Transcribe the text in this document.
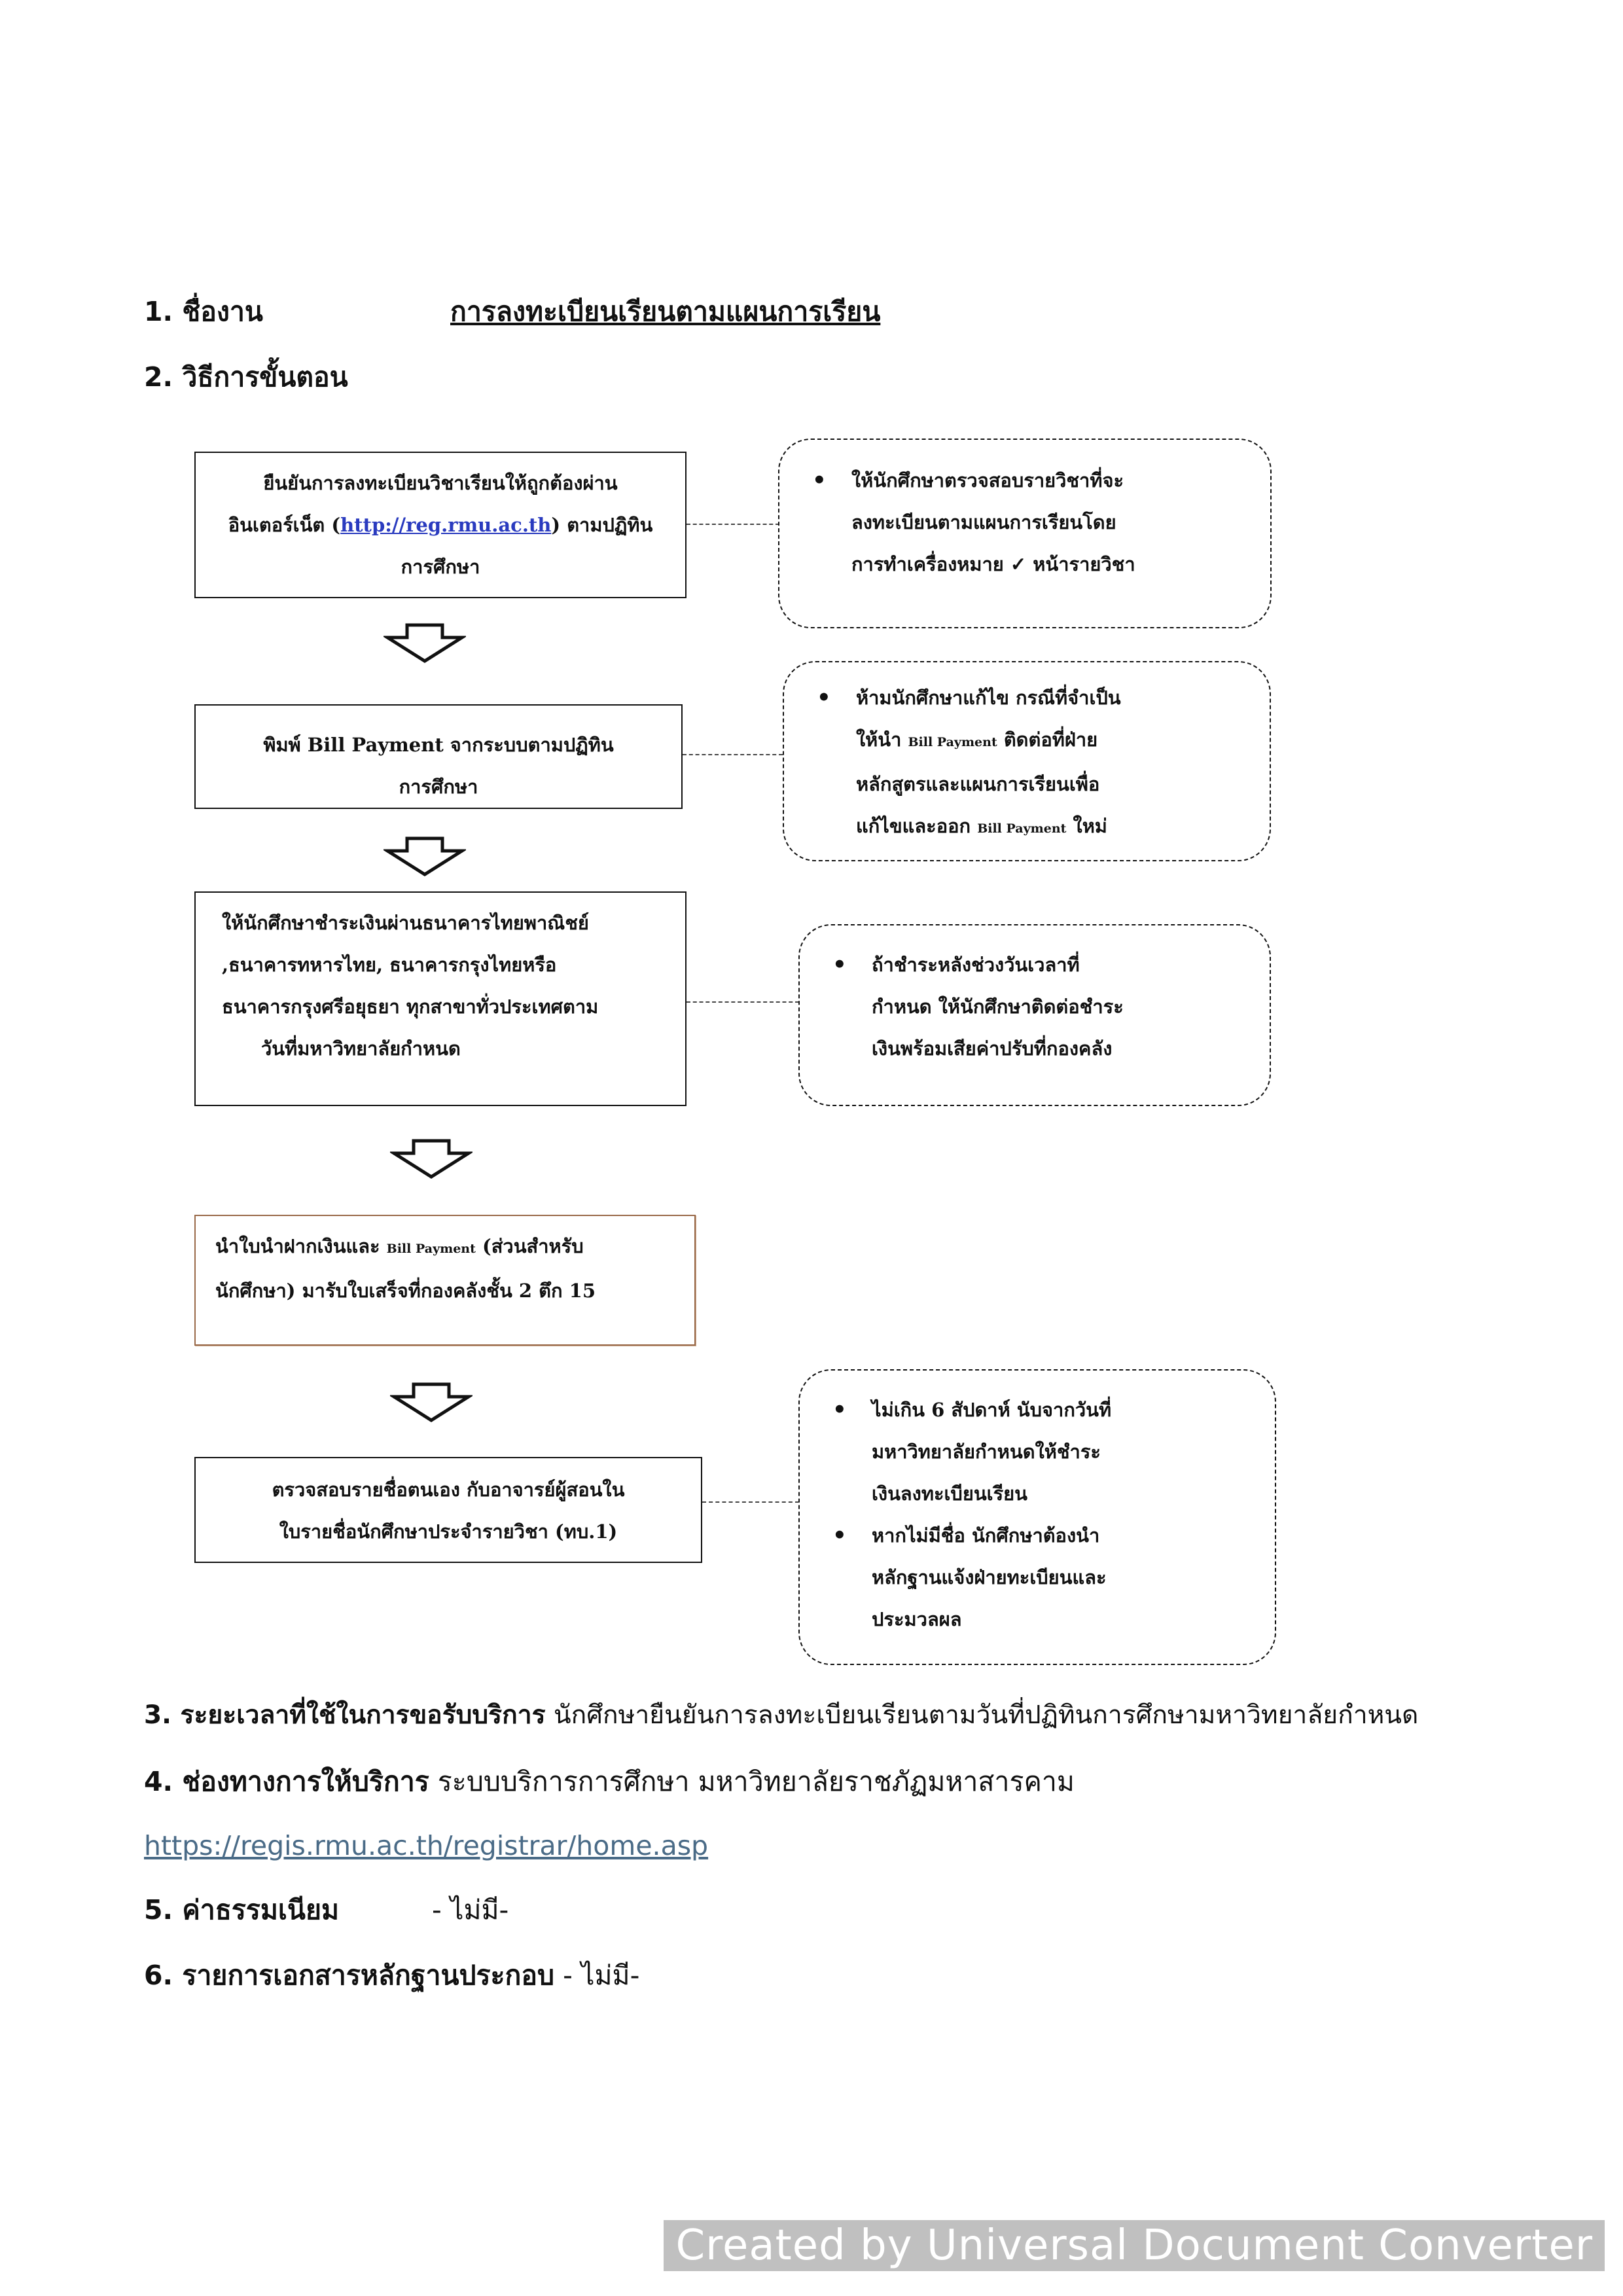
1. ชื่องาน	การลงทะเบียนเรียนตามแผนการเรียน
2. วิธีการขั้นตอน
ยืนยันการลงทะเบียนวิชาเรียนให้ถูกต้องผ่าน
อินเตอร์เน็ต (http://reg.rmu.ac.th) ตามปฏิทิน
การศึกษา
• ให้นักศึกษาตรวจสอบรายวิชาที่จะ
ลงทะเบียนตามแผนการเรียนโดย
การทำเครื่องหมาย ✓ หน้ารายวิชา
พิมพ์ Bill Payment จากระบบตามปฏิทิน
การศึกษา
• ห้ามนักศึกษาแก้ไข กรณีที่จำเป็น
ให้นำ Bill Payment ติดต่อที่ฝ่าย
หลักสูตรและแผนการเรียนเพื่อ
แก้ไขและออก Bill Payment ใหม่
ให้นักศึกษาชำระเงินผ่านธนาคารไทยพาณิชย์
,ธนาคารทหารไทย, ธนาคารกรุงไทยหรือ
ธนาคารกรุงศรีอยุธยา ทุกสาขาทั่วประเทศตาม
วันที่มหาวิทยาลัยกำหนด
• ถ้าชำระหลังช่วงวันเวลาที่
กำหนด ให้นักศึกษาติดต่อชำระ
เงินพร้อมเสียค่าปรับที่กองคลัง
นำใบนำฝากเงินและ Bill Payment (ส่วนสำหรับ
นักศึกษา) มารับใบเสร็จที่กองคลังชั้น 2 ตึก 15
ตรวจสอบรายชื่อตนเอง กับอาจารย์ผู้สอนใน
ใบรายชื่อนักศึกษาประจำรายวิชา (ทบ.1)
• ไม่เกิน 6 สัปดาห์ นับจากวันที่
มหาวิทยาลัยกำหนดให้ชำระ
เงินลงทะเบียนเรียน
• หากไม่มีชื่อ นักศึกษาต้องนำ
หลักฐานแจ้งฝ่ายทะเบียนและ
ประมวลผล
3. ระยะเวลาที่ใช้ในการขอรับบริการ นักศึกษายืนยันการลงทะเบียนเรียนตามวันที่ปฏิทินการศึกษามหาวิทยาลัยกำหนด
4. ช่องทางการให้บริการ ระบบบริการการศึกษา มหาวิทยาลัยราชภัฏมหาสารคาม
https://regis.rmu.ac.th/registrar/home.asp
5. ค่าธรรมเนียม	- ไม่มี-
6. รายการเอกสารหลักฐานประกอบ - ไม่มี-
Created by Universal Document Converter
